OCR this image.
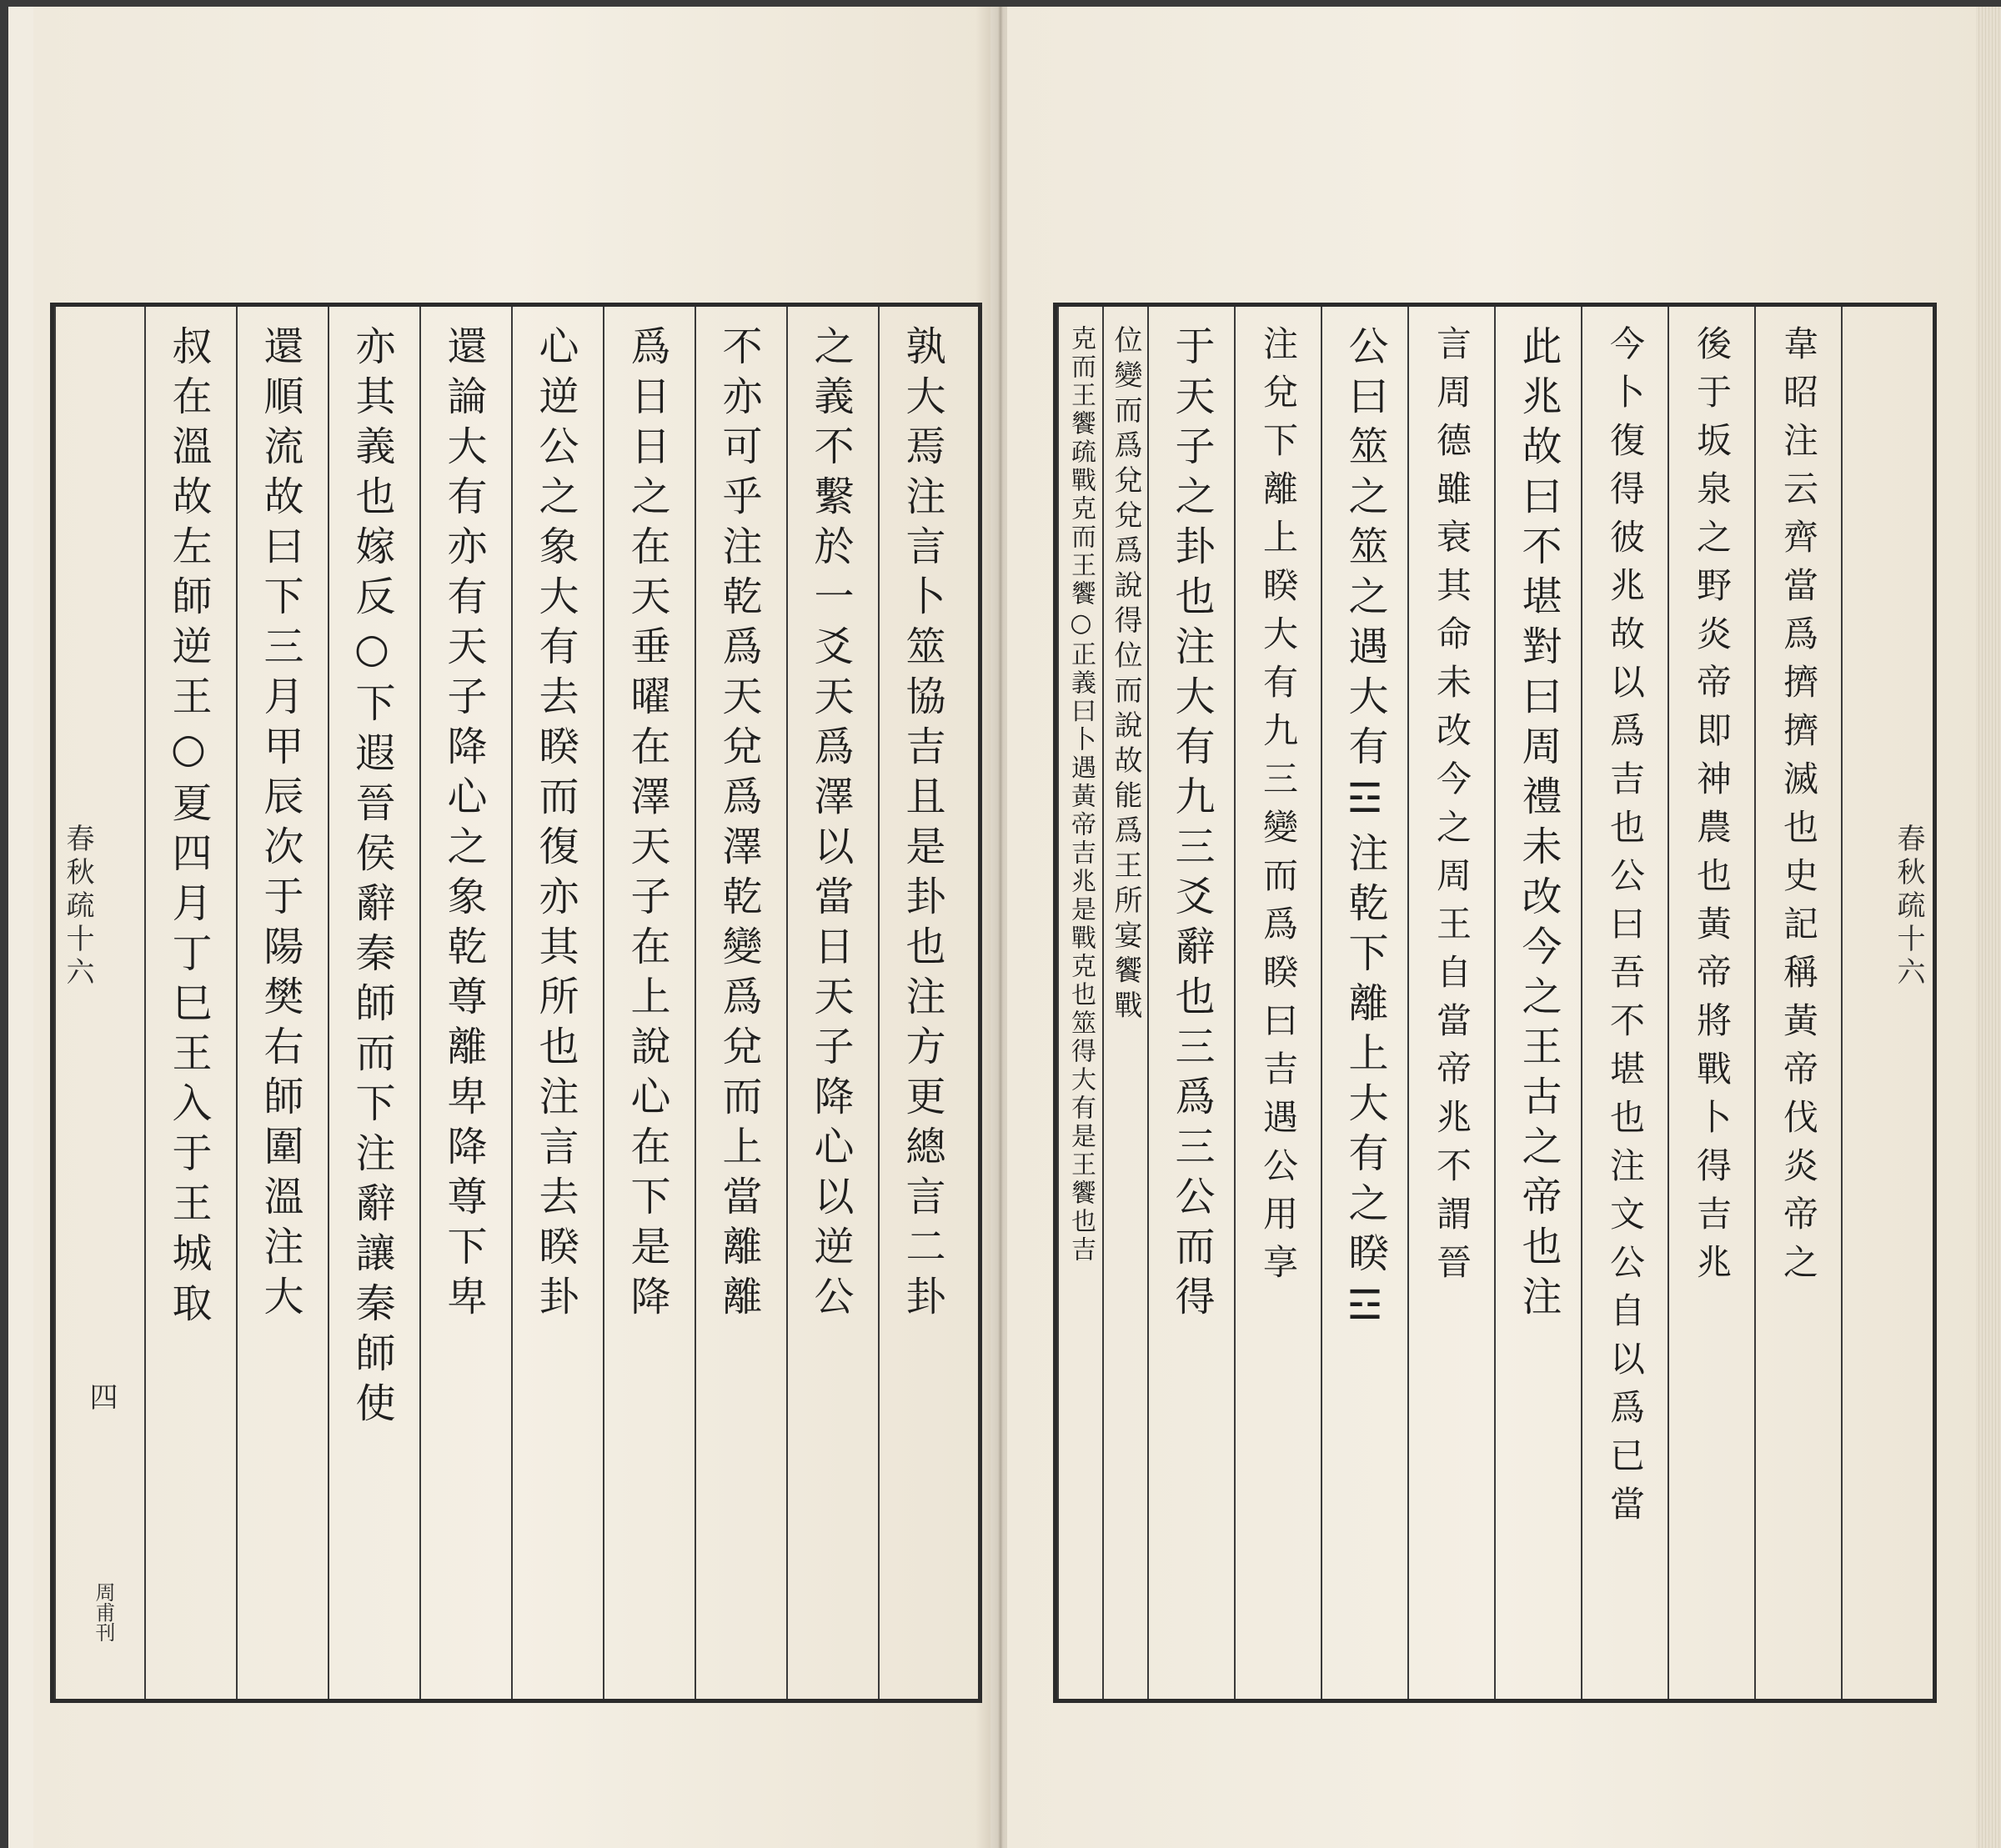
孰大焉注言卜筮協吉且是卦也注方更總言二卦
之義不繫於一爻天爲澤以當日天子降心以逆公
不亦可乎注乾爲天兌爲澤乾變爲兌而上當離離
爲日日之在天垂曜在澤天子在上說心在下是降
心逆公之象大有去睽而復亦其所也注言去睽卦
還論大有亦有天子降心之象乾尊離卑降尊下卑
亦其義也嫁反○下遐晉侯辭秦師而下注辭讓秦師使
還順流故曰下三月甲辰次于陽樊右師圍溫注大
叔在溫故左師逆王○夏四月丁巳王入于王城取
春秋疏十六
四
周甫刊
春秋疏十六
韋昭注云齊當爲擠擠滅也史記稱黃帝伐炎帝之
後于坂泉之野炎帝即神農也黃帝將戰卜得吉兆
今卜復得彼兆故以爲吉也公曰吾不堪也注文公自以爲已當
此兆故曰不堪對曰周禮未改今之王古之帝也注
言周德雖衰其命未改今之周王自當帝兆不謂晉
公曰筮之筮之遇大有☲注乾下離上大有之睽☲
注兌下離上睽大有九三變而爲睽曰吉遇公用享
于天子之卦也注大有九三爻辭也三爲三公而得
位變而爲兌兌爲說得位而說故能爲王所宴饗戰
克而王饗疏戰克而王饗○正義曰卜遇黃帝吉兆是戰克也筮得大有是王饗也吉
